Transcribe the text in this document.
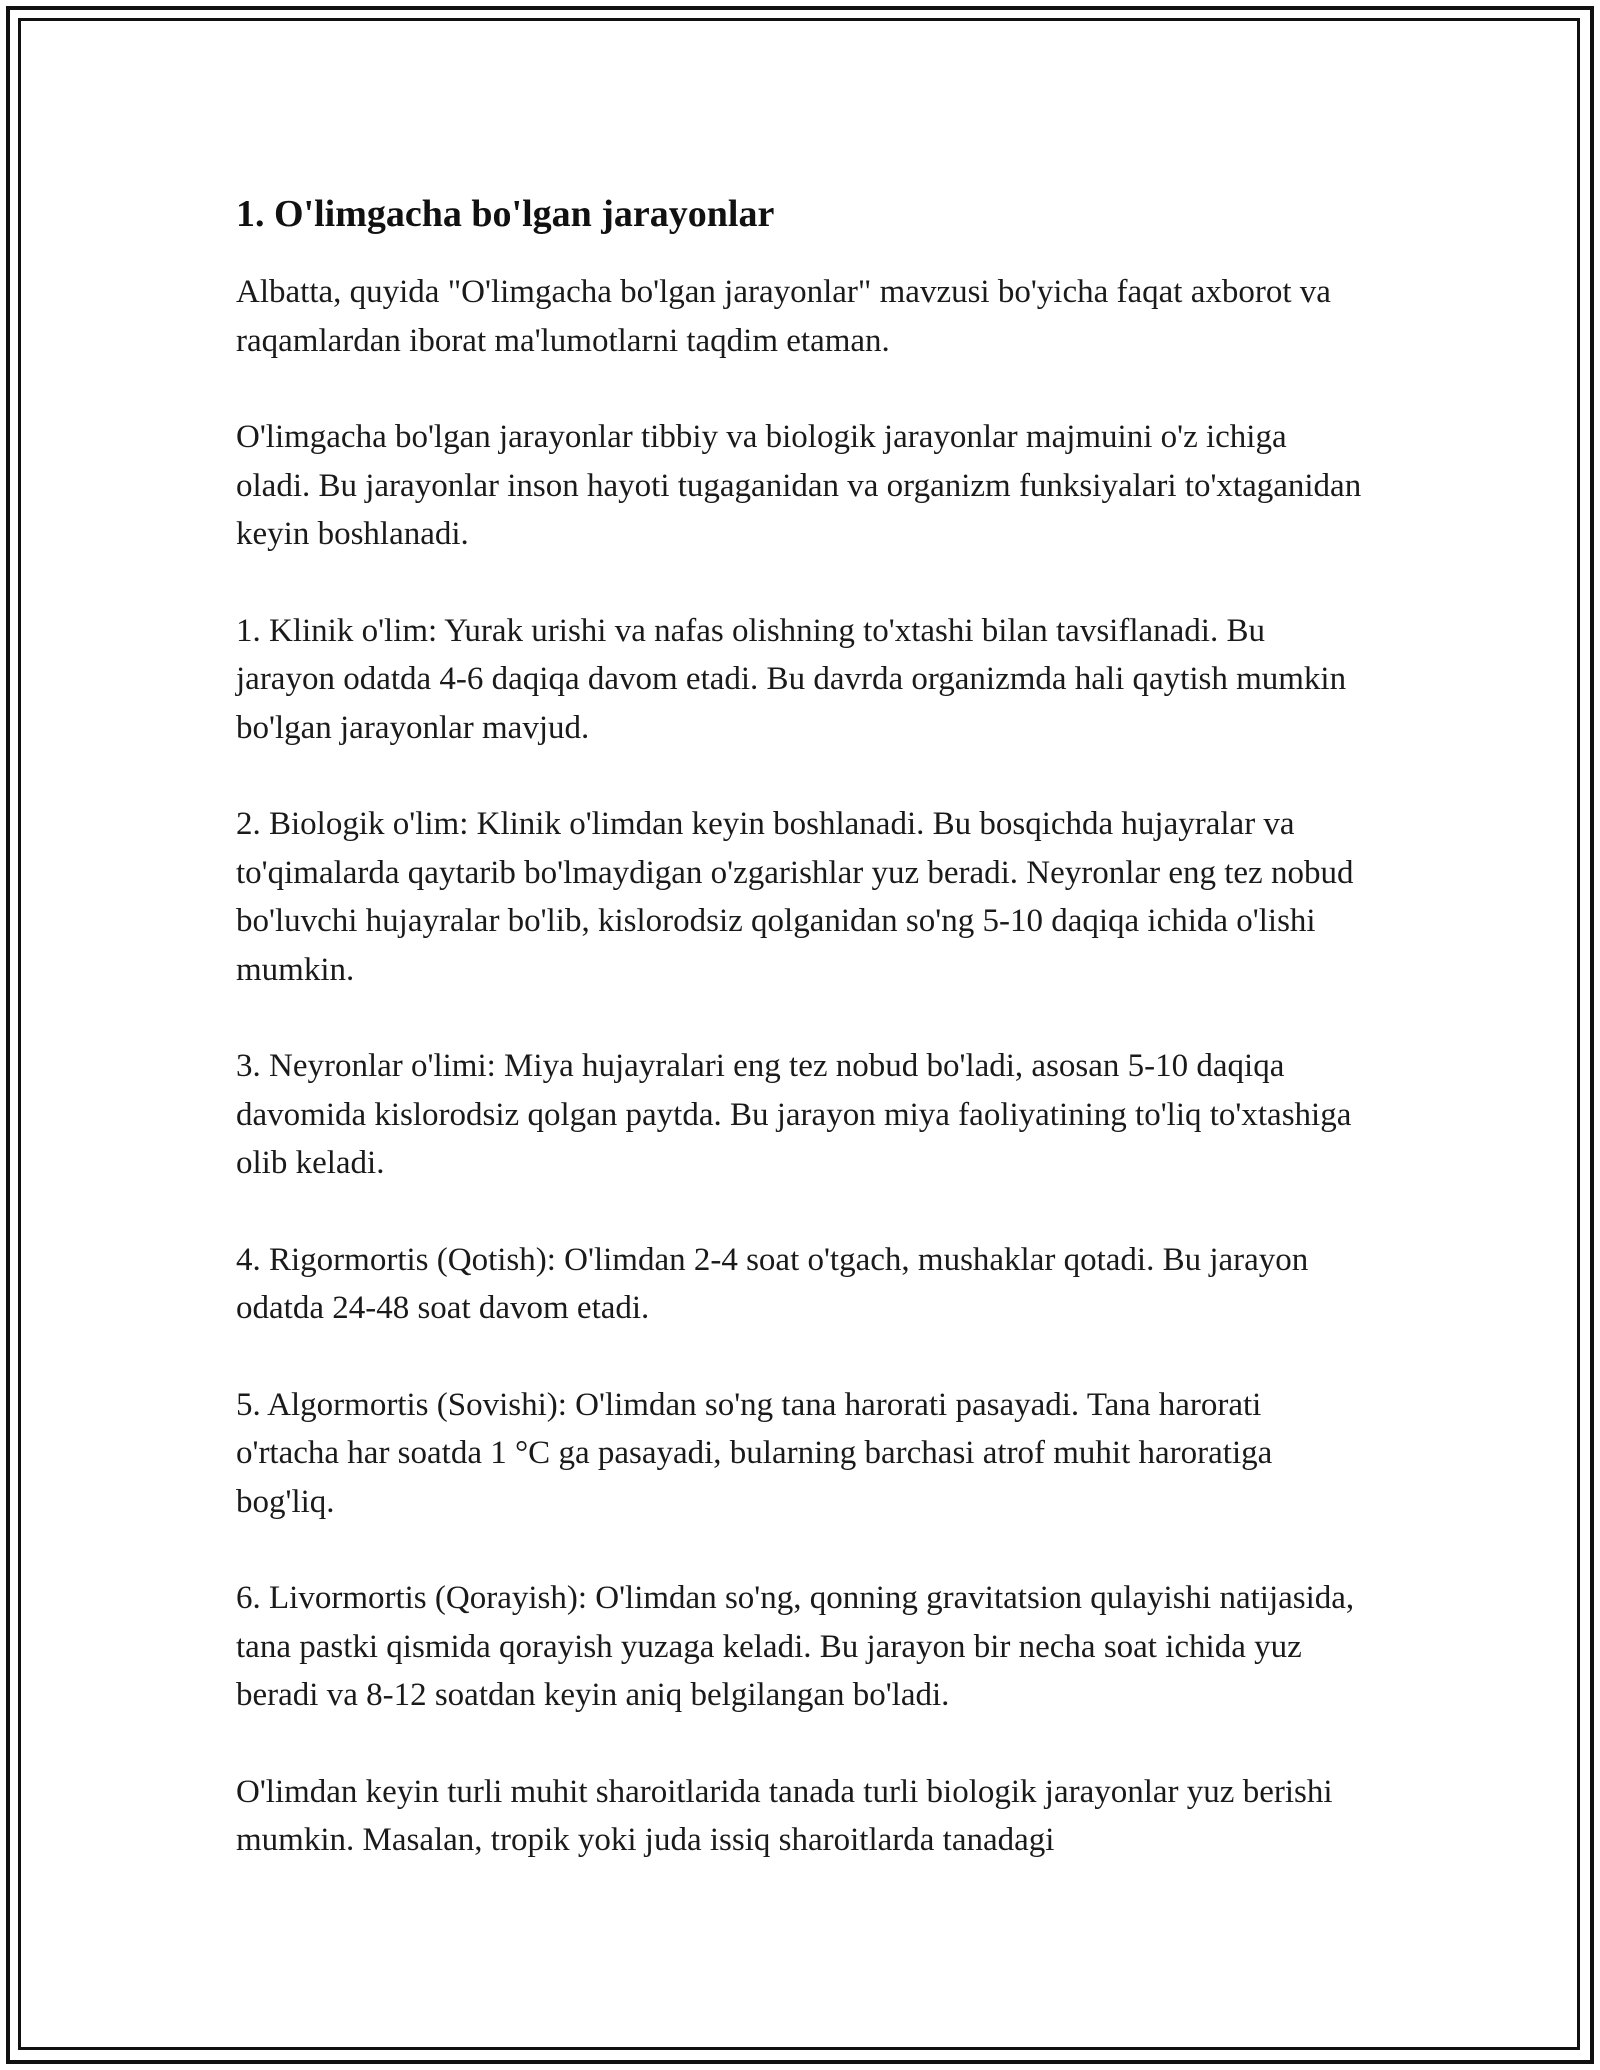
1. O'limgacha bo'lgan jarayonlar

Albatta, quyida "O'limgacha bo'lgan jarayonlar" mavzusi bo'yicha faqat axborot va raqamlardan iborat ma'lumotlarni taqdim etaman.

O'limgacha bo'lgan jarayonlar tibbiy va biologik jarayonlar majmuini o'z ichiga oladi. Bu jarayonlar inson hayoti tugaganidan va organizm funksiyalari to'xtaganidan keyin boshlanadi.

1. Klinik o'lim: Yurak urishi va nafas olishning to'xtashi bilan tavsiflanadi. Bu jarayon odatda 4-6 daqiqa davom etadi. Bu davrda organizmda hali qaytish mumkin bo'lgan jarayonlar mavjud.

2. Biologik o'lim: Klinik o'limdan keyin boshlanadi. Bu bosqichda hujayralar va to'qimalarda qaytarib bo'lmaydigan o'zgarishlar yuz beradi. Neyronlar eng tez nobud bo'luvchi hujayralar bo'lib, kislorodsiz qolganidan so'ng 5-10 daqiqa ichida o'lishi mumkin.

3. Neyronlar o'limi: Miya hujayralari eng tez nobud bo'ladi, asosan 5-10 daqiqa davomida kislorodsiz qolgan paytda. Bu jarayon miya faoliyatining to'liq to'xtashiga olib keladi.

4. Rigormortis (Qotish): O'limdan 2-4 soat o'tgach, mushaklar qotadi. Bu jarayon odatda 24-48 soat davom etadi.

5. Algormortis (Sovishi): O'limdan so'ng tana harorati pasayadi. Tana harorati o'rtacha har soatda 1 °C ga pasayadi, bularning barchasi atrof muhit haroratiga bog'liq.

6. Livormortis (Qorayish): O'limdan so'ng, qonning gravitatsion qulayishi natijasida, tana pastki qismida qorayish yuzaga keladi. Bu jarayon bir necha soat ichida yuz beradi va 8-12 soatdan keyin aniq belgilangan bo'ladi.

O'limdan keyin turli muhit sharoitlarida tanada turli biologik jarayonlar yuz berishi mumkin. Masalan, tropik yoki juda issiq sharoitlarda tanadagi
